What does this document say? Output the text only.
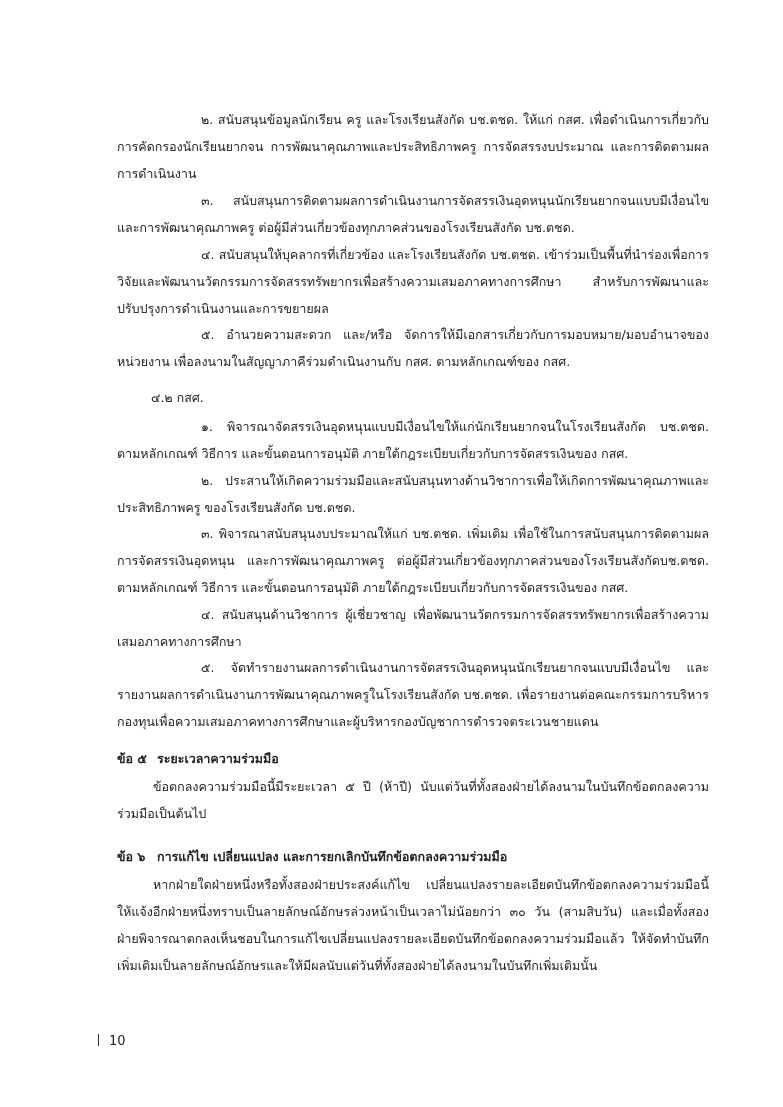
๒. สนับสนุนข้อมูลนักเรียน ครู และโรงเรียนสังกัด บช.ตชด. ให้แก่ กสศ. เพื่อดำเนินการเกี่ยวกับการคัดกรองนักเรียนยากจน การพัฒนาคุณภาพและประสิทธิภาพครู การจัดสรรงบประมาณ และการติดตามผลการดำเนินงาน

๓. สนับสนุนการติดตามผลการดำเนินงานการจัดสรรเงินอุดหนุนนักเรียนยากจนแบบมีเงื่อนไข และการพัฒนาคุณภาพครู ต่อผู้มีส่วนเกี่ยวข้องทุกภาคส่วนของโรงเรียนสังกัด บช.ตชด.

๔. สนับสนุนให้บุคลากรที่เกี่ยวข้อง และโรงเรียนสังกัด บช.ตชด. เข้าร่วมเป็นพื้นที่นำร่องเพื่อการวิจัยและพัฒนานวัตกรรมการจัดสรรทรัพยากรเพื่อสร้างความเสมอภาคทางการศึกษา สำหรับการพัฒนาและปรับปรุงการดำเนินงานและการขยายผล

๕. อำนวยความสะดวก และ/หรือ จัดการให้มีเอกสารเกี่ยวกับการมอบหมาย/มอบอำนาจของหน่วยงาน เพื่อลงนามในสัญญาภาคีร่วมดำเนินงานกับ กสศ. ตามหลักเกณฑ์ของ กสศ.

๔.๒ กสศ.

๑. พิจารณาจัดสรรเงินอุดหนุนแบบมีเงื่อนไขให้แก่นักเรียนยากจนในโรงเรียนสังกัด บช.ตชด. ตามหลักเกณฑ์ วิธีการ และขั้นตอนการอนุมัติ ภายใต้กฎระเบียบเกี่ยวกับการจัดสรรเงินของ กสศ.

๒. ประสานให้เกิดความร่วมมือและสนับสนุนทางด้านวิชาการเพื่อให้เกิดการพัฒนาคุณภาพและประสิทธิภาพครู ของโรงเรียนสังกัด บช.ตชด.

๓. พิจารณาสนับสนุนงบประมาณให้แก่ บช.ตชด. เพิ่มเติม เพื่อใช้ในการสนับสนุนการติดตามผลการจัดสรรเงินอุดหนุน และการพัฒนาคุณภาพครู ต่อผู้มีส่วนเกี่ยวข้องทุกภาคส่วนของโรงเรียนสังกัดบช.ตชด. ตามหลักเกณฑ์ วิธีการ และขั้นตอนการอนุมัติ ภายใต้กฎระเบียบเกี่ยวกับการจัดสรรเงินของ กสศ.

๔. สนับสนุนด้านวิชาการ ผู้เชี่ยวชาญ เพื่อพัฒนานวัตกรรมการจัดสรรทรัพยากรเพื่อสร้างความเสมอภาคทางการศึกษา

๕. จัดทำรายงานผลการดำเนินงานการจัดสรรเงินอุดหนุนนักเรียนยากจนแบบมีเงื่อนไข และรายงานผลการดำเนินงานการพัฒนาคุณภาพครูในโรงเรียนสังกัด บช.ตชด. เพื่อรายงานต่อคณะกรรมการบริหารกองทุนเพื่อความเสมอภาคทางการศึกษาและผู้บริหารกองบัญชาการตำรวจตระเวนชายแดน

ข้อ ๕ ระยะเวลาความร่วมมือ

ข้อตกลงความร่วมมือนี้มีระยะเวลา ๕ ปี (ห้าปี) นับแต่วันที่ทั้งสองฝ่ายได้ลงนามในบันทึกข้อตกลงความร่วมมือเป็นต้นไป

ข้อ ๖ การแก้ไข เปลี่ยนแปลง และการยกเลิกบันทึกข้อตกลงความร่วมมือ

หากฝ่ายใดฝ่ายหนึ่งหรือทั้งสองฝ่ายประสงค์แก้ไข เปลี่ยนแปลงรายละเอียดบันทึกข้อตกลงความร่วมมือนี้ ให้แจ้งอีกฝ่ายหนึ่งทราบเป็นลายลักษณ์อักษรล่วงหน้าเป็นเวลาไม่น้อยกว่า ๓๐ วัน (สามสิบวัน) และเมื่อทั้งสองฝ่ายพิจารณาตกลงเห็นชอบในการแก้ไขเปลี่ยนแปลงรายละเอียดบันทึกข้อตกลงความร่วมมือแล้ว ให้จัดทำบันทึกเพิ่มเติมเป็นลายลักษณ์อักษรและให้มีผลนับแต่วันที่ทั้งสองฝ่ายได้ลงนามในบันทึกเพิ่มเติมนั้น

10
